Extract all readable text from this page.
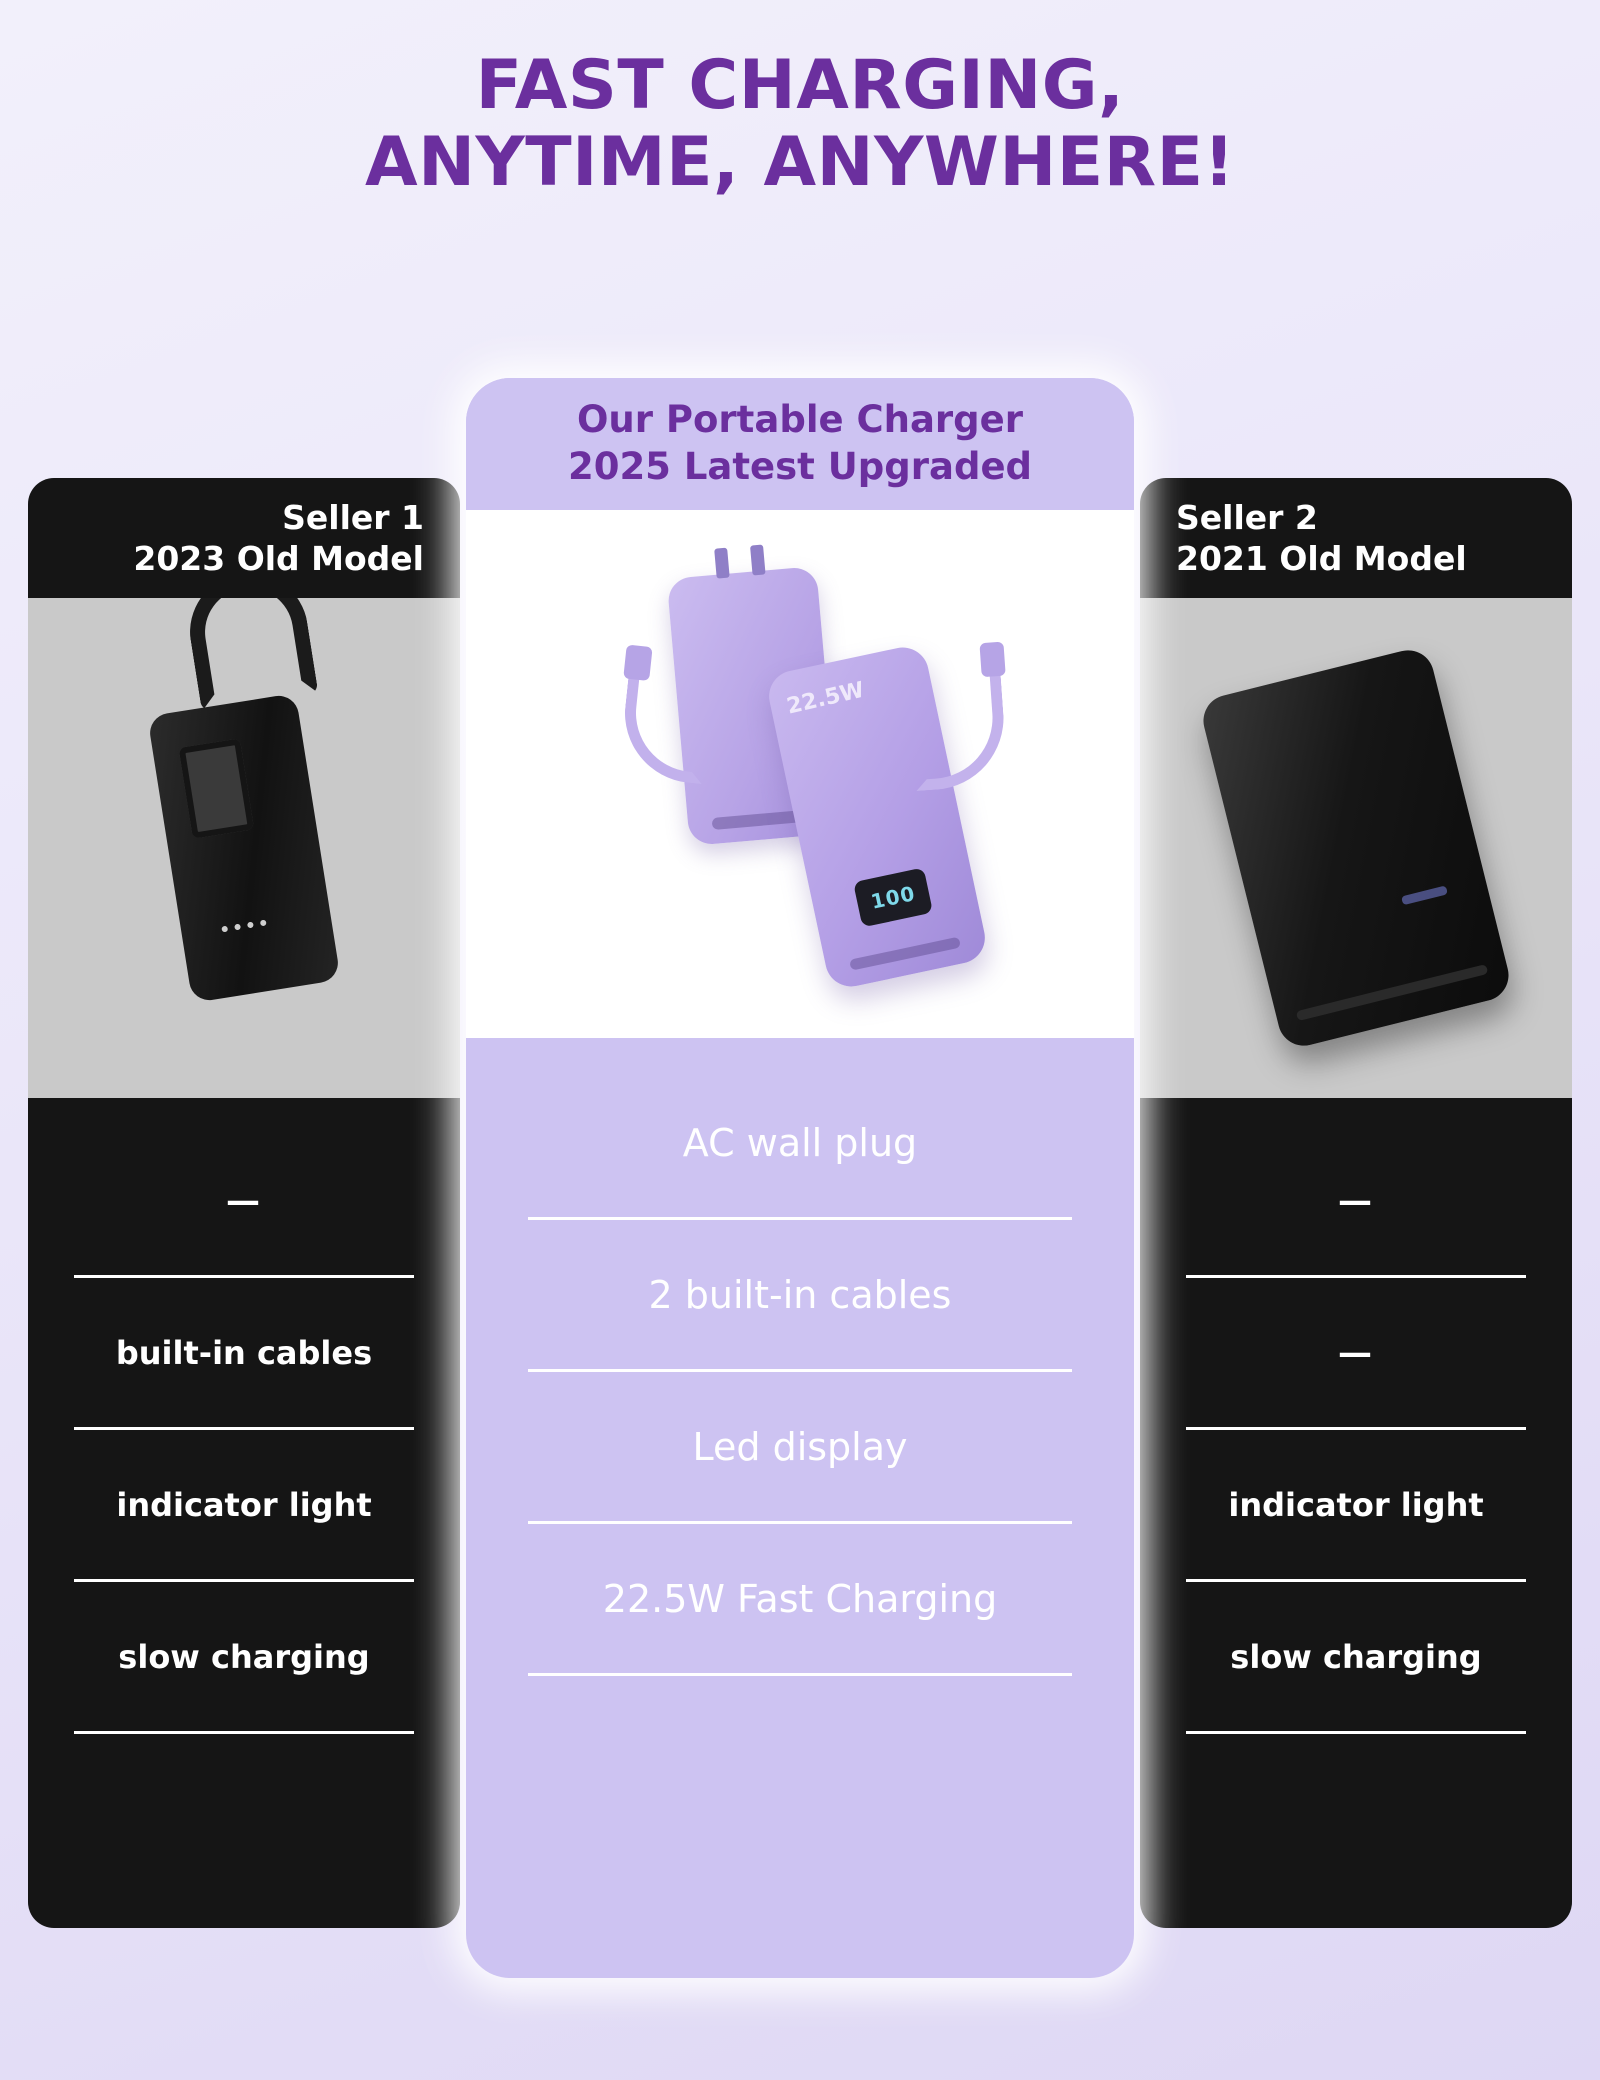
FAST CHARGING,
ANYTIME, ANYWHERE!
Seller 1
2023 Old Model
—
built-in cables
indicator light
slow charging
Seller 2
2021 Old Model
—
—
indicator light
slow charging
Our Portable Charger
2025 Latest Upgraded
22.5W
100
AC wall plug
2 built-in cables
Led display
22.5W Fast Charging
